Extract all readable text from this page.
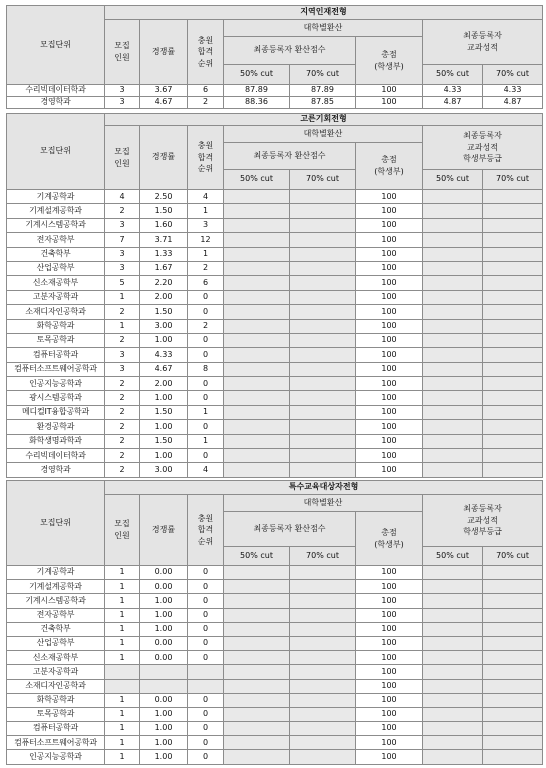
모집단위	지역인재전형							

	모집
인원	경쟁률	충원
합격
순위	대학별환산			최종등록자
교과성적	

				최종등록자 환산점수		총점
(학생부)		

				50% cut	70% cut		50% cut	70% cut
수리빅데이터학과	3	3.67	6	87.89	87.89	100	4.33	4.33
경영학과	3	4.67	2	88.36	87.85	100	4.87	4.87
모집단위	고른기회전형							

	모집
인원	경쟁률	충원
합격
순위	대학별환산			최종등록자
교과성적
학생부등급	

				최종등록자 환산점수		총점
(학생부)		

				50% cut	70% cut		50% cut	70% cut
기계공학과	4	2.50	4			100		
기계설계공학과	2	1.50	1			100		
기계시스템공학과	3	1.60	3			100		
전자공학부	7	3.71	12			100		
건축학부	3	1.33	1			100		
산업공학부	3	1.67	2			100		
신소재공학부	5	2.20	6			100		
고분자공학과	1	2.00	0			100		
소재디자인공학과	2	1.50	0			100		
화학공학과	1	3.00	2			100		
토목공학과	2	1.00	0			100		
컴퓨터공학과	3	4.33	0			100		
컴퓨터소프트웨어공학과	3	4.67	8			100		
인공지능공학과	2	2.00	0			100		
광시스템공학과	2	1.00	0			100		
메디컬IT융합공학과	2	1.50	1			100		
환경공학과	2	1.00	0			100		
화학생명과학과	2	1.50	1			100		
수리빅데이터학과	2	1.00	0			100		
경영학과	2	3.00	4			100		
모집단위	특수교육대상자전형							

	모집
인원	경쟁률	충원
합격
순위	대학별환산			최종등록자
교과성적
학생부등급	

				최종등록자 환산점수		총점
(학생부)		

				50% cut	70% cut		50% cut	70% cut
기계공학과	1	0.00	0			100		
기계설계공학과	1	0.00	0			100		
기계시스템공학과	1	1.00	0			100		
전자공학부	1	1.00	0			100		
건축학부	1	1.00	0			100		
산업공학부	1	0.00	0			100		
신소재공학부	1	0.00	0			100		
고분자공학과						100		
소재디자인공학과						100		
화학공학과	1	0.00	0			100		
토목공학과	1	1.00	0			100		
컴퓨터공학과	1	1.00	0			100		
컴퓨터소프트웨어공학과	1	1.00	0			100		
인공지능공학과	1	1.00	0			100		
